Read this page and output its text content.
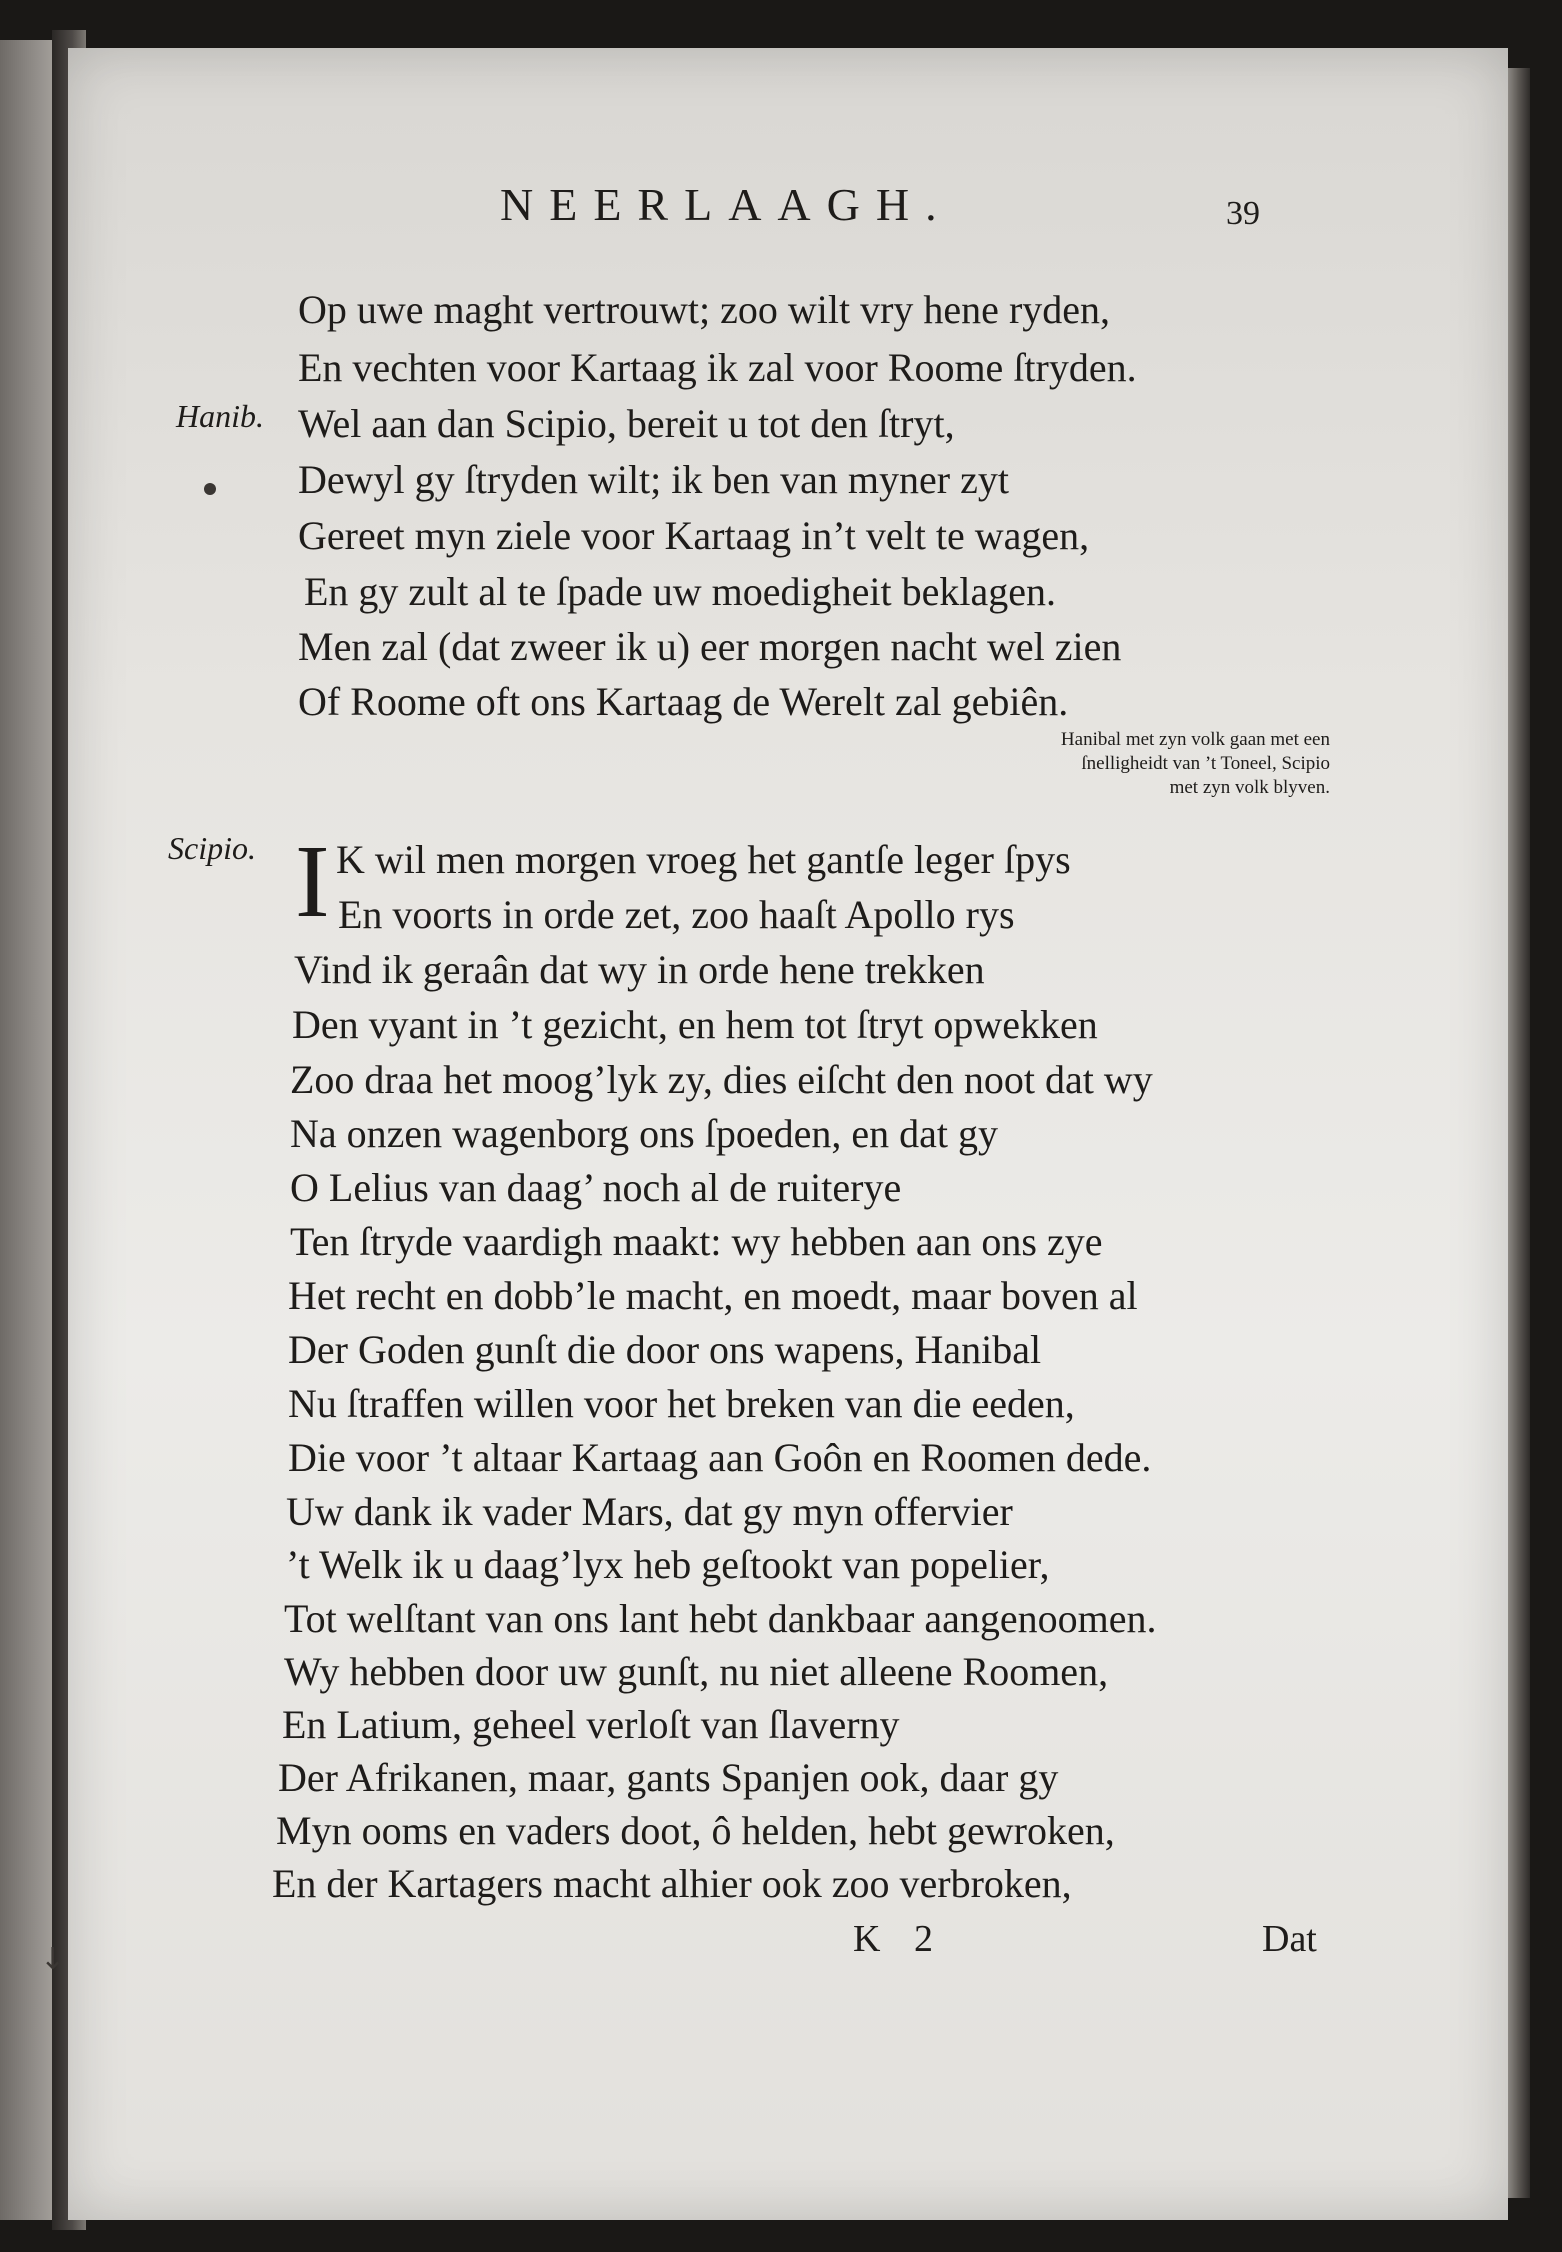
NEERLAAGH.	39
Op uwe maght vertrouwt; zoo wilt vry hene ryden,
En vechten voor Kartaag ik zal voor Roome ſtryden.
Hanib. Wel aan dan Scipio, bereit u tot den ſtryt,
Dewyl gy ſtryden wilt; ik ben van myner zyt
Gereet myn ziele voor Kartaag in’t velt te wagen,
En gy zult al te ſpade uw moedigheit beklagen.
Men zal (dat zweer ik u) eer morgen nacht wel zien
Of Roome oft ons Kartaag de Werelt zal gebiên.
Hanibal met zyn volk gaan met een
ſnelligheidt van ’t Toneel, Scipio
met zyn volk blyven.
Scipio. I K wil men morgen vroeg het gantſe leger ſpys
En voorts in orde zet, zoo haaſt Apollo rys
Vind ik geraân dat wy in orde hene trekken
Den vyant in ’t gezicht, en hem tot ſtryt opwekken
Zoo draa het moog’lyk zy, dies eiſcht den noot dat wy
Na onzen wagenborg ons ſpoeden, en dat gy
O Lelius van daag’ noch al de ruiterye
Ten ſtryde vaardigh maakt: wy hebben aan ons zye
Het recht en dobb’le macht, en moedt, maar boven al
Der Goden gunſt die door ons wapens, Hanibal
Nu ſtraffen willen voor het breken van die eeden,
Die voor ’t altaar Kartaag aan Goôn en Roomen dede.
Uw dank ik vader Mars, dat gy myn offervier
’t Welk ik u daag’lyx heb geſtookt van popelier,
Tot welſtant van ons lant hebt dankbaar aangenoomen.
Wy hebben door uw gunſt, nu niet alleene Roomen,
En Latium, geheel verloſt van ſlaverny
Der Afrikanen, maar, gants Spanjen ook, daar gy
Myn ooms en vaders doot, ô helden, hebt gewroken,
En der Kartagers macht alhier ook zoo verbroken,
K 2	Dat
↓
